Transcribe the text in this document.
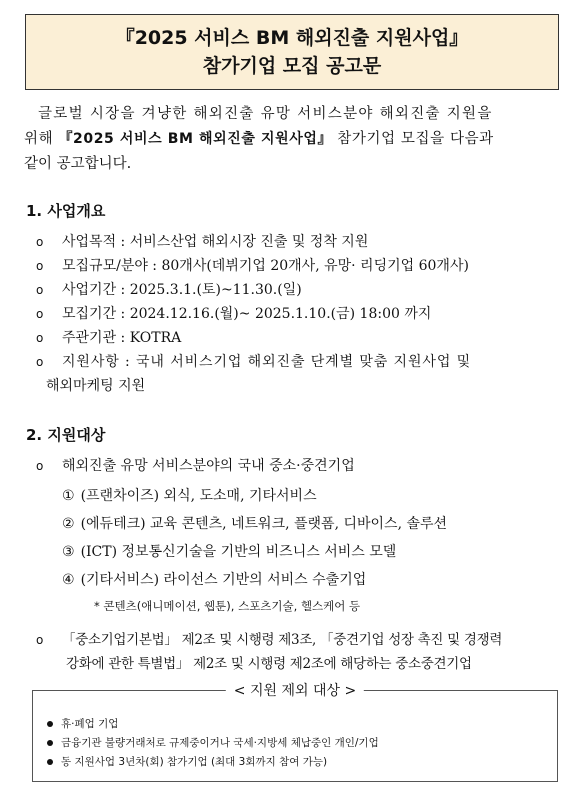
『2025 서비스 BM 해외진출 지원사업』
참가기업 모집 공고문
글로벌 시장을 겨냥한 해외진출 유망 서비스분야 해외진출 지원을
위해 『2025 서비스 BM 해외진출 지원사업』 참가기업 모집을 다음과
같이 공고합니다.
1. 사업개요
o 사업목적 : 서비스산업 해외시장 진출 및 정착 지원
o 모집규모/분야 : 80개사(데뷔기업 20개사, 유망· 리딩기업 60개사)
o 사업기간 : 2025.3.1.(토)~11.30.(일)
o 모집기간 : 2024.12.16.(월)~ 2025.1.10.(금) 18:00 까지
o 주관기관 : KOTRA
o 지원사항 : 국내 서비스기업 해외진출 단계별 맞춤 지원사업 및
해외마케팅 지원
2. 지원대상
o 해외진출 유망 서비스분야의 국내 중소·중견기업
① (프랜차이즈) 외식, 도소매, 기타서비스
② (에듀테크) 교육 콘텐츠, 네트워크, 플랫폼, 디바이스, 솔루션
③ (ICT) 정보통신기술을 기반의 비즈니스 서비스 모델
④ (기타서비스) 라이선스 기반의 서비스 수출기업
* 콘텐츠(애니메이션, 웹툰), 스포츠기술, 헬스케어 등
o 「중소기업기본법」 제2조 및 시행령 제3조, 「중견기업 성장 촉진 및 경쟁력
강화에 관한 특별법」 제2조 및 시행령 제2조에 해당하는 중소중견기업
< 지원 제외 대상 >
휴·폐업 기업
금융기관 불량거래처로 규제중이거나 국세·지방세 체납중인 개인/기업
동 지원사업 3년차(회) 참가기업 (최대 3회까지 참여 가능)
